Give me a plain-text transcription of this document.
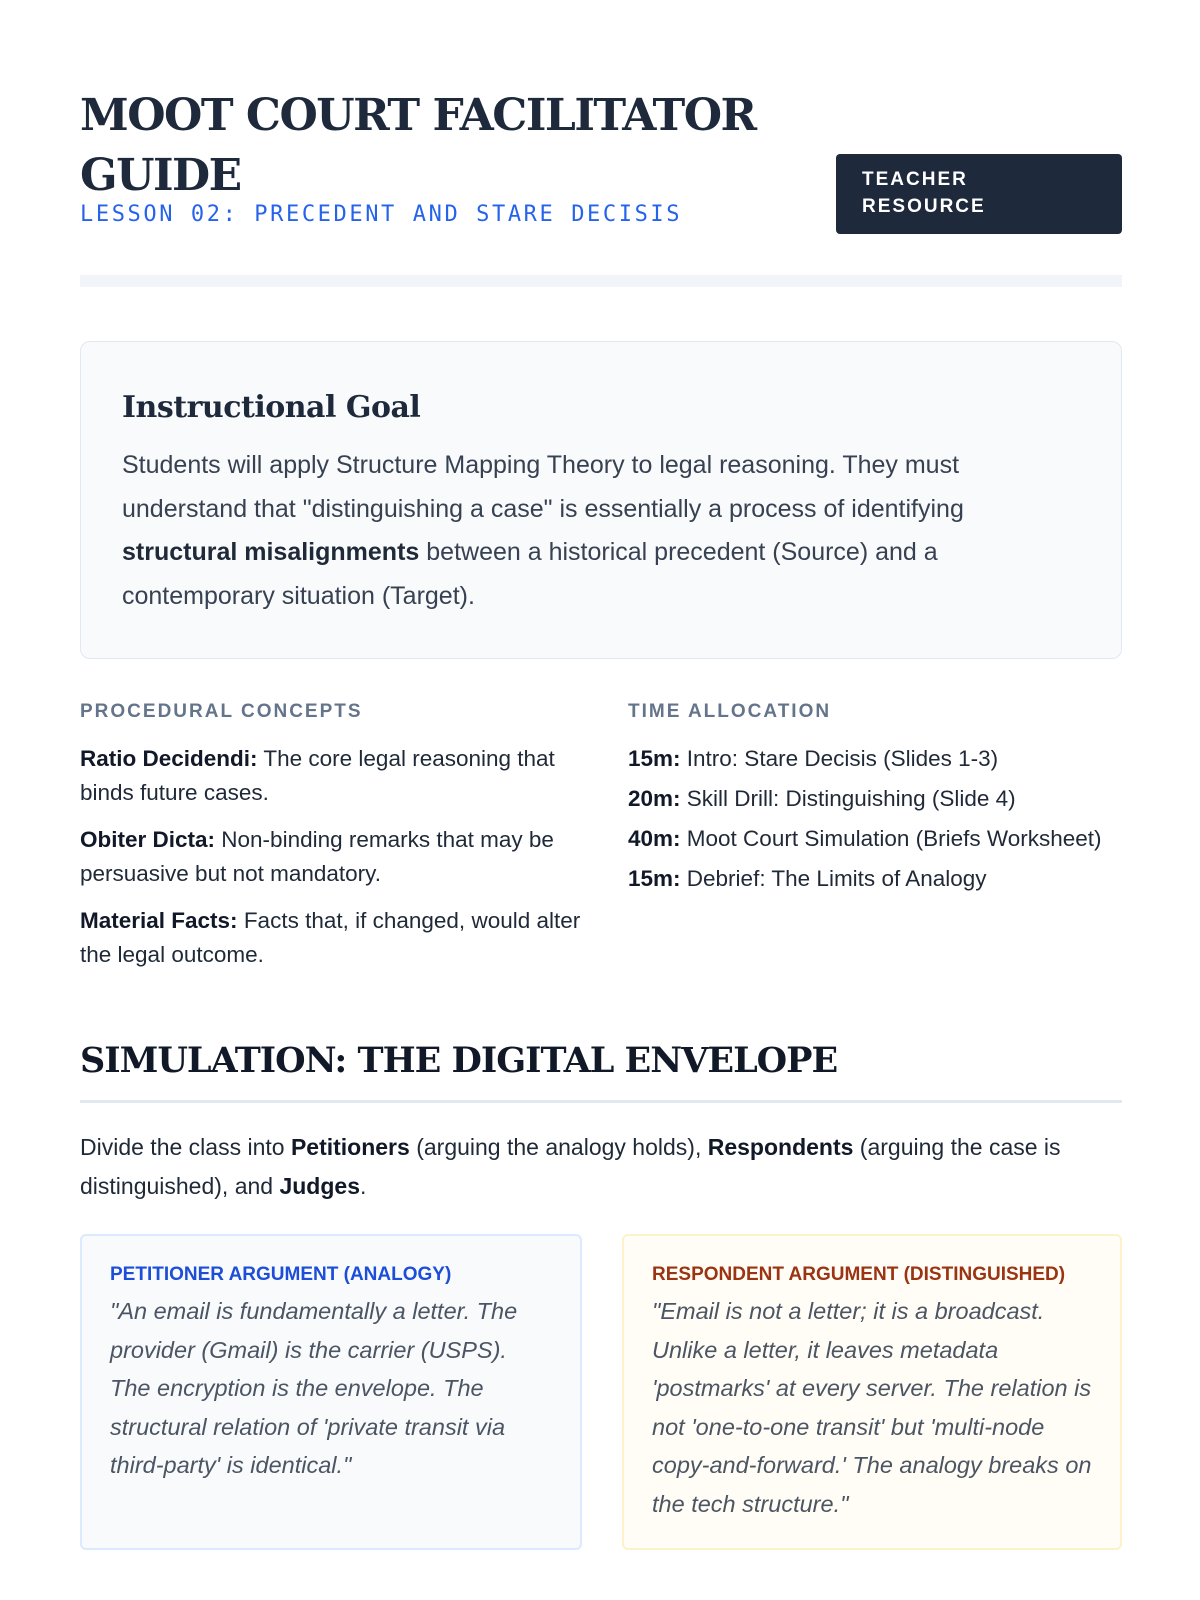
MOOT COURT FACILITATOR GUIDE

LESSON 02: PRECEDENT AND STARE DECISIS

TEACHER RESOURCE
Instructional Goal

Students will apply Structure Mapping Theory to legal reasoning. They must understand that "distinguishing a case" is essentially a process of identifying structural misalignments between a historical precedent (Source) and a contemporary situation (Target).

PROCEDURAL CONCEPTS

Ratio Decidendi: The core legal reasoning that binds future cases.

Obiter Dicta: Non-binding remarks that may be persuasive but not mandatory.

Material Facts: Facts that, if changed, would alter the legal outcome.

TIME ALLOCATION

15m: Intro: Stare Decisis (Slides 1-3)

20m: Skill Drill: Distinguishing (Slide 4)

40m: Moot Court Simulation (Briefs Worksheet)

15m: Debrief: The Limits of Analogy

SIMULATION: THE DIGITAL ENVELOPE

Divide the class into Petitioners (arguing the analogy holds), Respondents (arguing the case is distinguished), and Judges.

PETITIONER ARGUMENT (ANALOGY)
"An email is fundamentally a letter. The provider (Gmail) is the carrier (USPS). The encryption is the envelope. The structural relation of 'private transit via third-party' is identical."
RESPONDENT ARGUMENT (DISTINGUISHED)
"Email is not a letter; it is a broadcast. Unlike a letter, it leaves metadata 'postmarks' at every server. The relation is not 'one-to-one transit' but 'multi-node copy-and-forward.' The analogy breaks on the tech structure."
